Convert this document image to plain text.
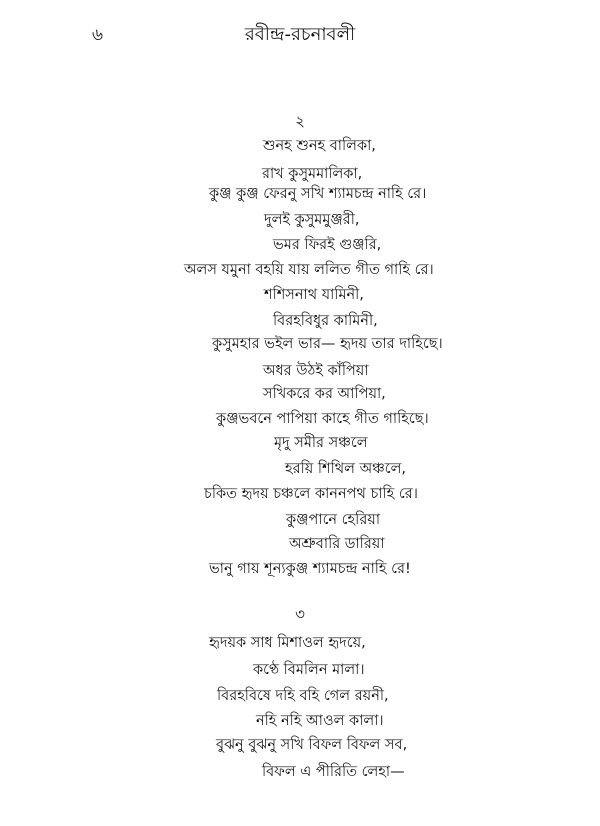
৬	রবীন্দ্র-রচনাবলী
২
শুনহ শুনহ বালিকা,
রাখ কুসুমমালিকা,
কুঞ্জ কুঞ্জ ফেরনু সখি শ্যামচন্দ্র নাহি রে।
দুলই কুসুমমুঞ্জরী,
ভমর ফিরই গুঞ্জরি,
অলস যমুনা বহয়ি যায় ললিত গীত গাহি রে।
শশিসনাথ যামিনী,
বিরহবিধুর কামিনী,
কুসুমহার ভইল ভার— হৃদয় তার দাহিছে।
অধর উঠই কাঁপিয়া
সখিকরে কর আপিয়া,
কুঞ্জভবনে পাপিয়া কাহে গীত গাহিছে।
মৃদু সমীর সঞ্চলে
হরয়ি শিথিল অঞ্চলে,
চকিত হৃদয় চঞ্চলে কাননপথ চাহি রে।
কুঞ্জপানে হেরিয়া
অশ্রুবারি ডারিয়া
ভানু গায় শূন্যকুঞ্জ শ্যামচন্দ্র নাহি রে!
৩
হৃদয়ক সাধ মিশাওল হৃদয়ে,
কণ্ঠে বিমলিন মালা।
বিরহবিষে দহি বহি গেল রয়নী,
নহি নহি আওল কালা।
বুঝনু বুঝনু সখি বিফল বিফল সব,
বিফল এ পীরিতি লেহা—
